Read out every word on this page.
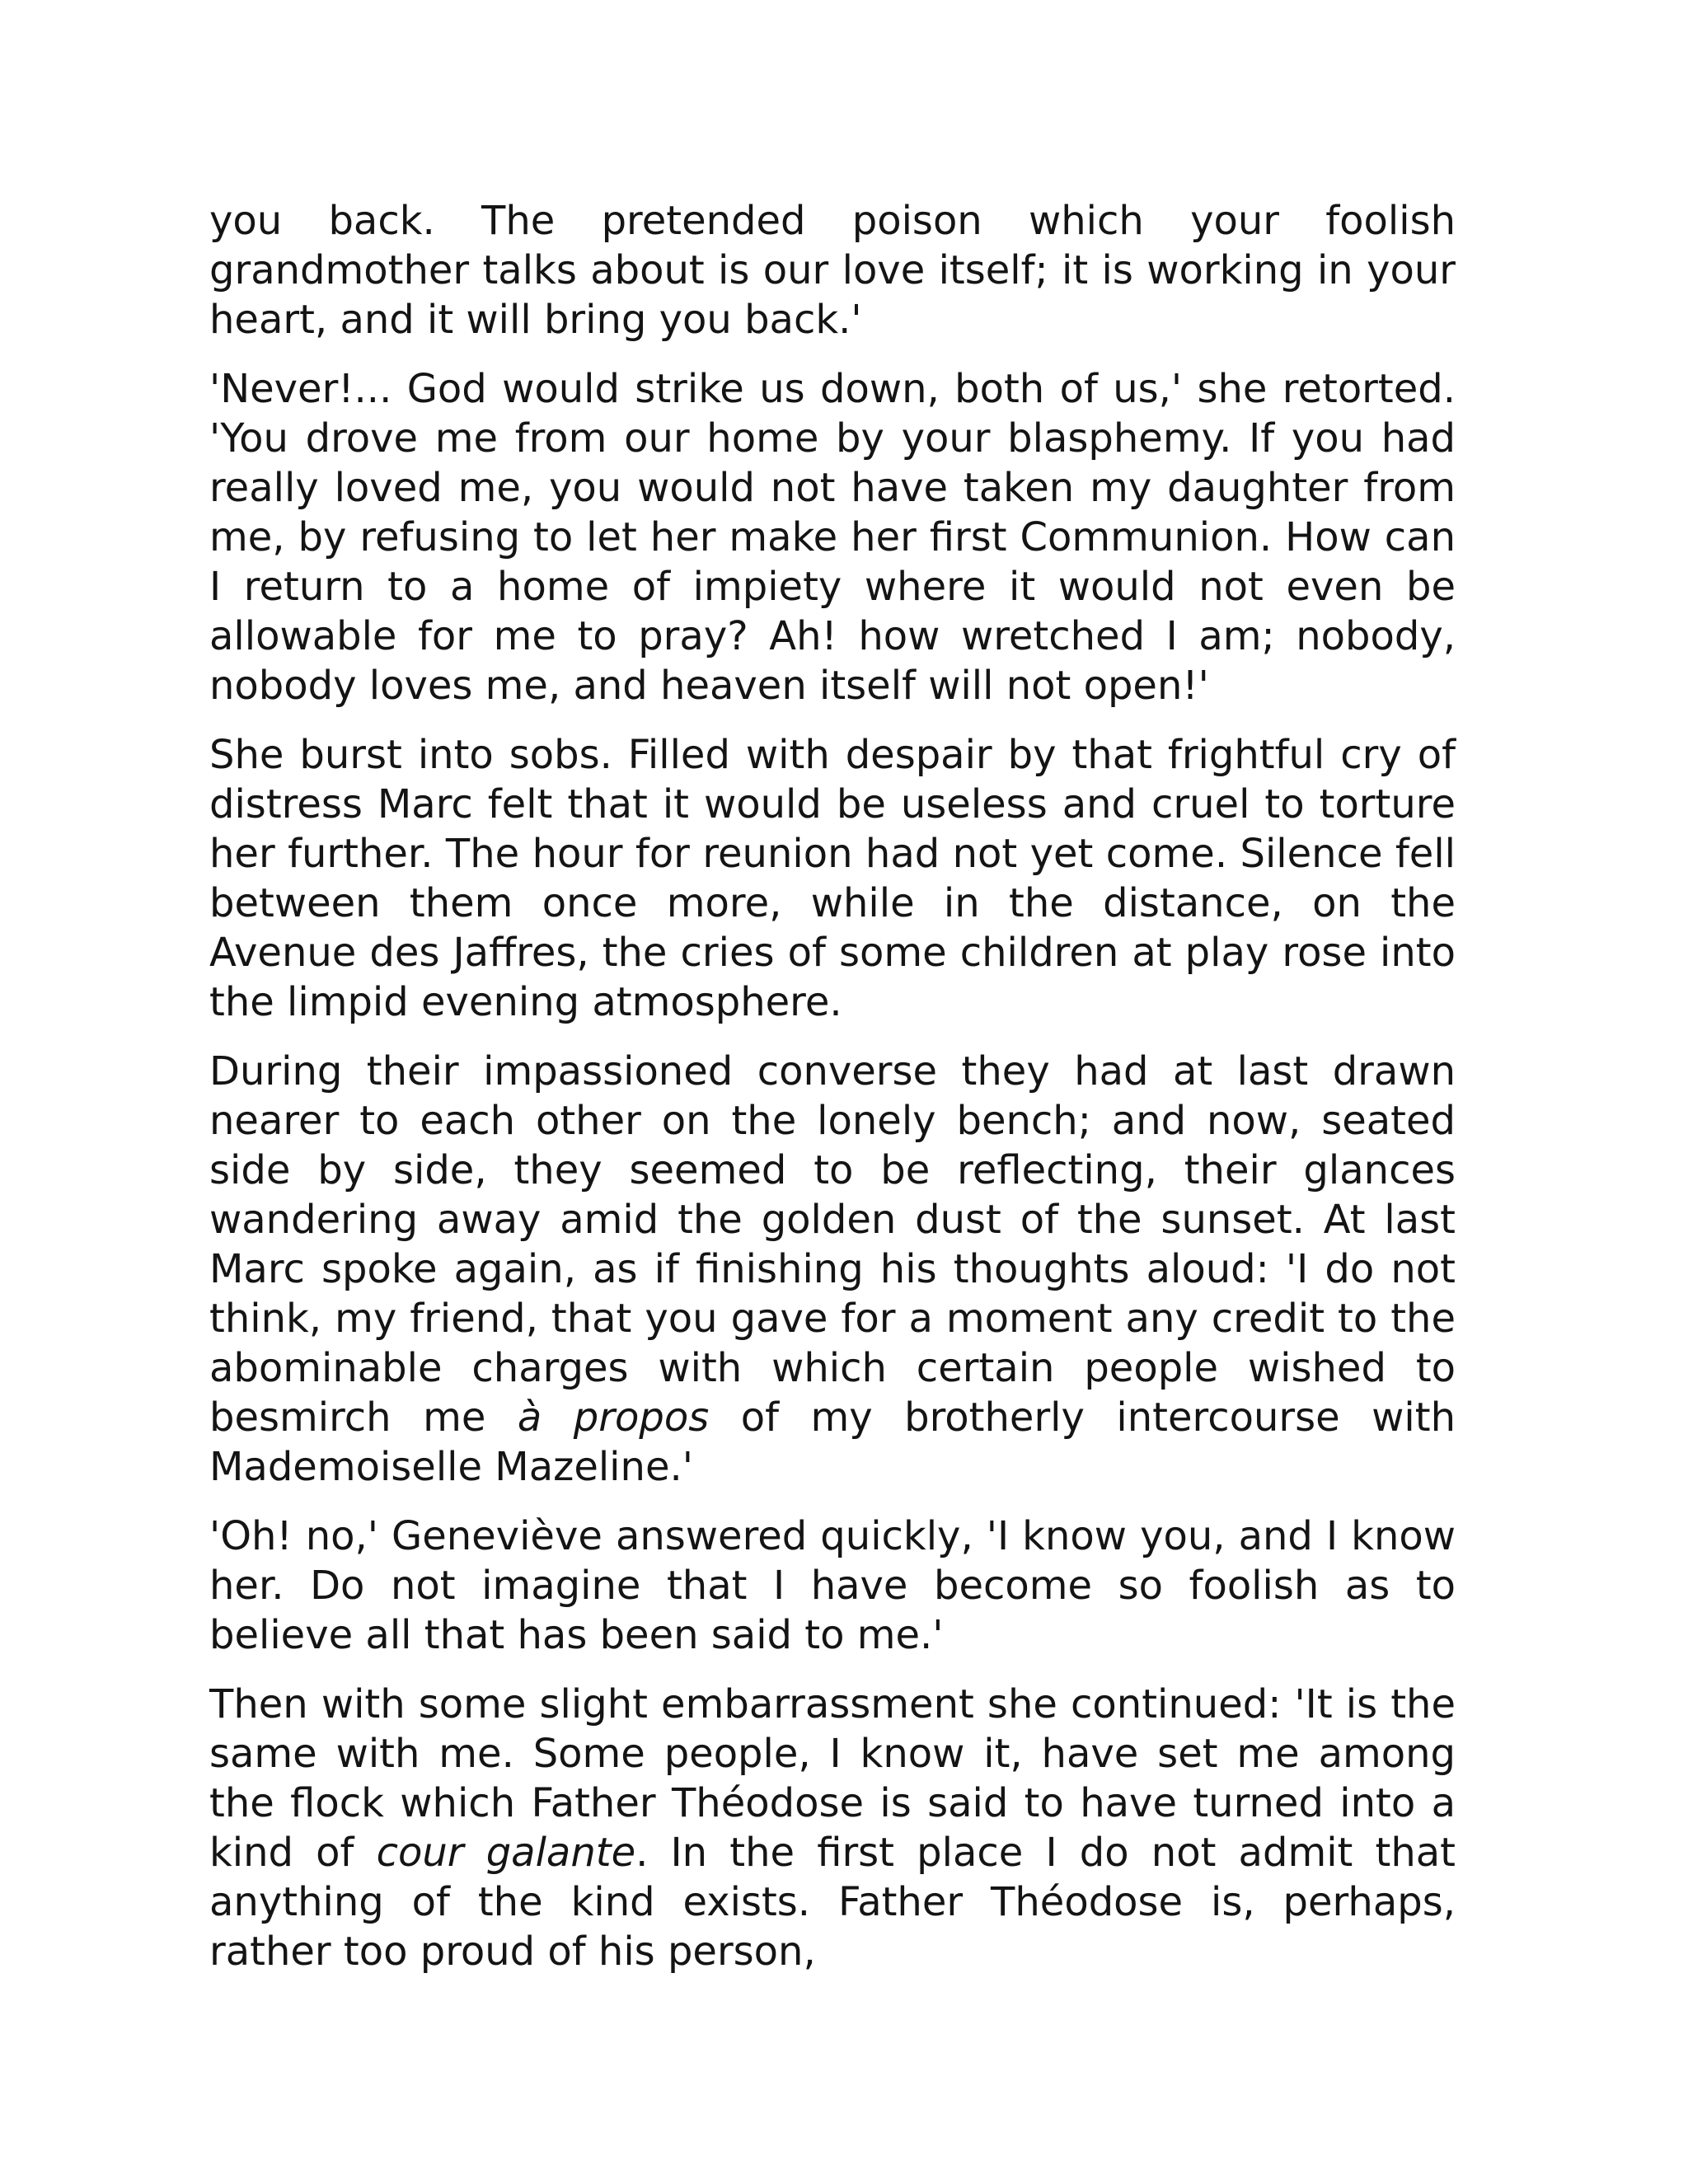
you back. The pretended poison which your foolish grandmother talks about is our love itself; it is working in your heart, and it will bring you back.'

'Never!... God would strike us down, both of us,' she retorted. 'You drove me from our home by your blasphemy. If you had really loved me, you would not have taken my daughter from me, by refusing to let her make her first Communion. How can I return to a home of impiety where it would not even be allowable for me to pray? Ah! how wretched I am; nobody, nobody loves me, and heaven itself will not open!'

She burst into sobs. Filled with despair by that frightful cry of distress Marc felt that it would be useless and cruel to torture her further. The hour for reunion had not yet come. Silence fell between them once more, while in the distance, on the Avenue des Jaffres, the cries of some children at play rose into the limpid evening atmosphere.

During their impassioned converse they had at last drawn nearer to each other on the lonely bench; and now, seated side by side, they seemed to be reflecting, their glances wandering away amid the golden dust of the sunset. At last Marc spoke again, as if finishing his thoughts aloud: 'I do not think, my friend, that you gave for a moment any credit to the abominable charges with which certain people wished to besmirch me à propos of my brotherly intercourse with Mademoiselle Mazeline.'

'Oh! no,' Geneviève answered quickly, 'I know you, and I know her. Do not imagine that I have become so foolish as to believe all that has been said to me.'

Then with some slight embarrassment she continued: 'It is the same with me. Some people, I know it, have set me among the flock which Father Théodose is said to have turned into a kind of cour galante. In the first place I do not admit that anything of the kind exists. Father Théodose is, perhaps, rather too proud of his person,
